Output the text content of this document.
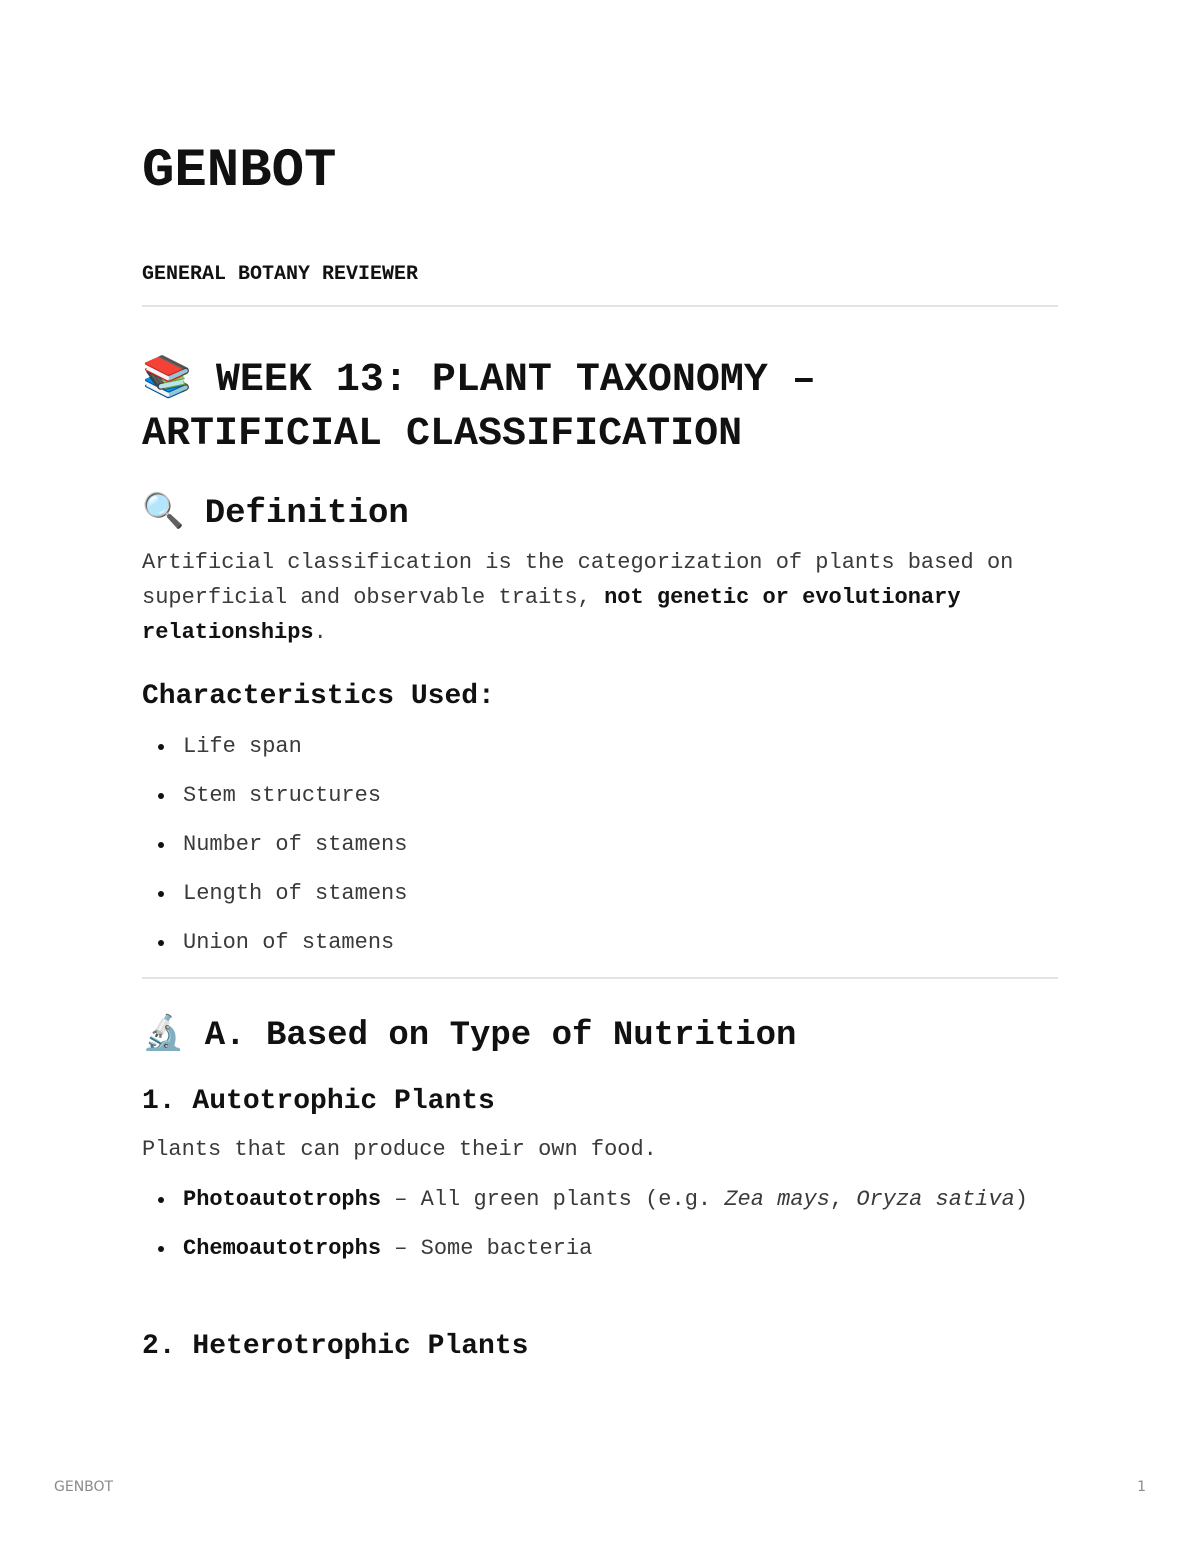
GENBOT

GENERAL BOTANY REVIEWER

📚 WEEK 13: PLANT TAXONOMY – ARTIFICIAL CLASSIFICATION
🔍 Definition

Artificial classification is the categorization of plants based on superficial and observable traits, not genetic or evolutionary relationships.

Characteristics Used:
Life span
Stem structures
Number of stamens
Length of stamens
Union of stamens
🔬 A. Based on Type of Nutrition
1. Autotrophic Plants

Plants that can produce their own food.

Photoautotrophs – All green plants (e.g. Zea mays, Oryza sativa)
Chemoautotrophs – Some bacteria
2. Heterotrophic Plants
GENBOT	1
